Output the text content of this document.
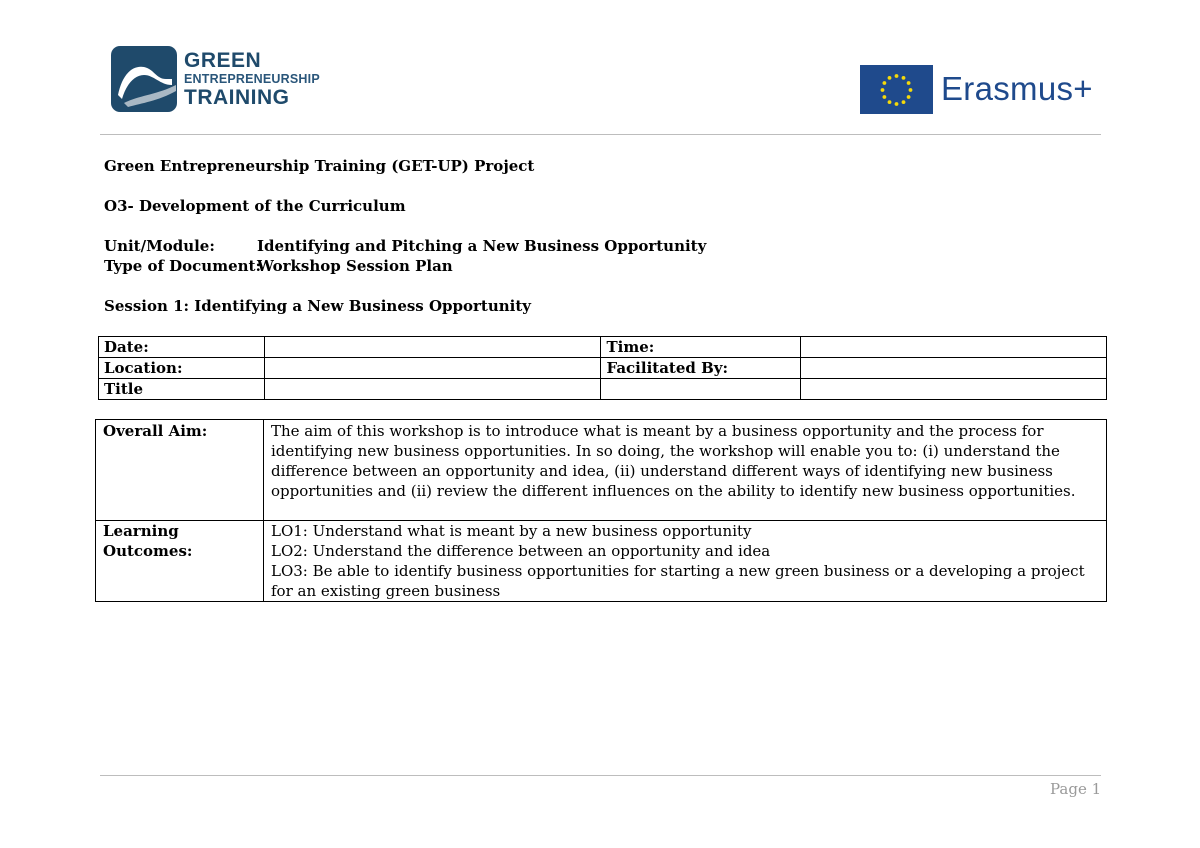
GREEN
ENTREPRENEURSHIP
TRAINING	Erasmus+
Green Entrepreneurship Training (GET-UP) Project
O3- Development of the Curriculum
Unit/Module:	Identifying and Pitching a New Business Opportunity
Type of Document:Workshop Session Plan
Session 1: Identifying a New Business Opportunity
Date:		Time:	
Location:		Facilitated By:	
Title			
Overall Aim:	The aim of this workshop is to introduce what is meant by a business opportunity and the process for identifying new business opportunities. In so doing, the workshop will enable you to: (i) understand the difference between an opportunity and idea, (ii) understand different ways of identifying new business opportunities and (ii) review the different influences on the ability to identify new business opportunities.

Learning
Outcomes:	LO1: Understand what is meant by a new business opportunity
LO2: Understand the difference between an opportunity and idea
LO3: Be able to identify business opportunities for starting a new green business or a developing a project for an existing green business
Page 1
